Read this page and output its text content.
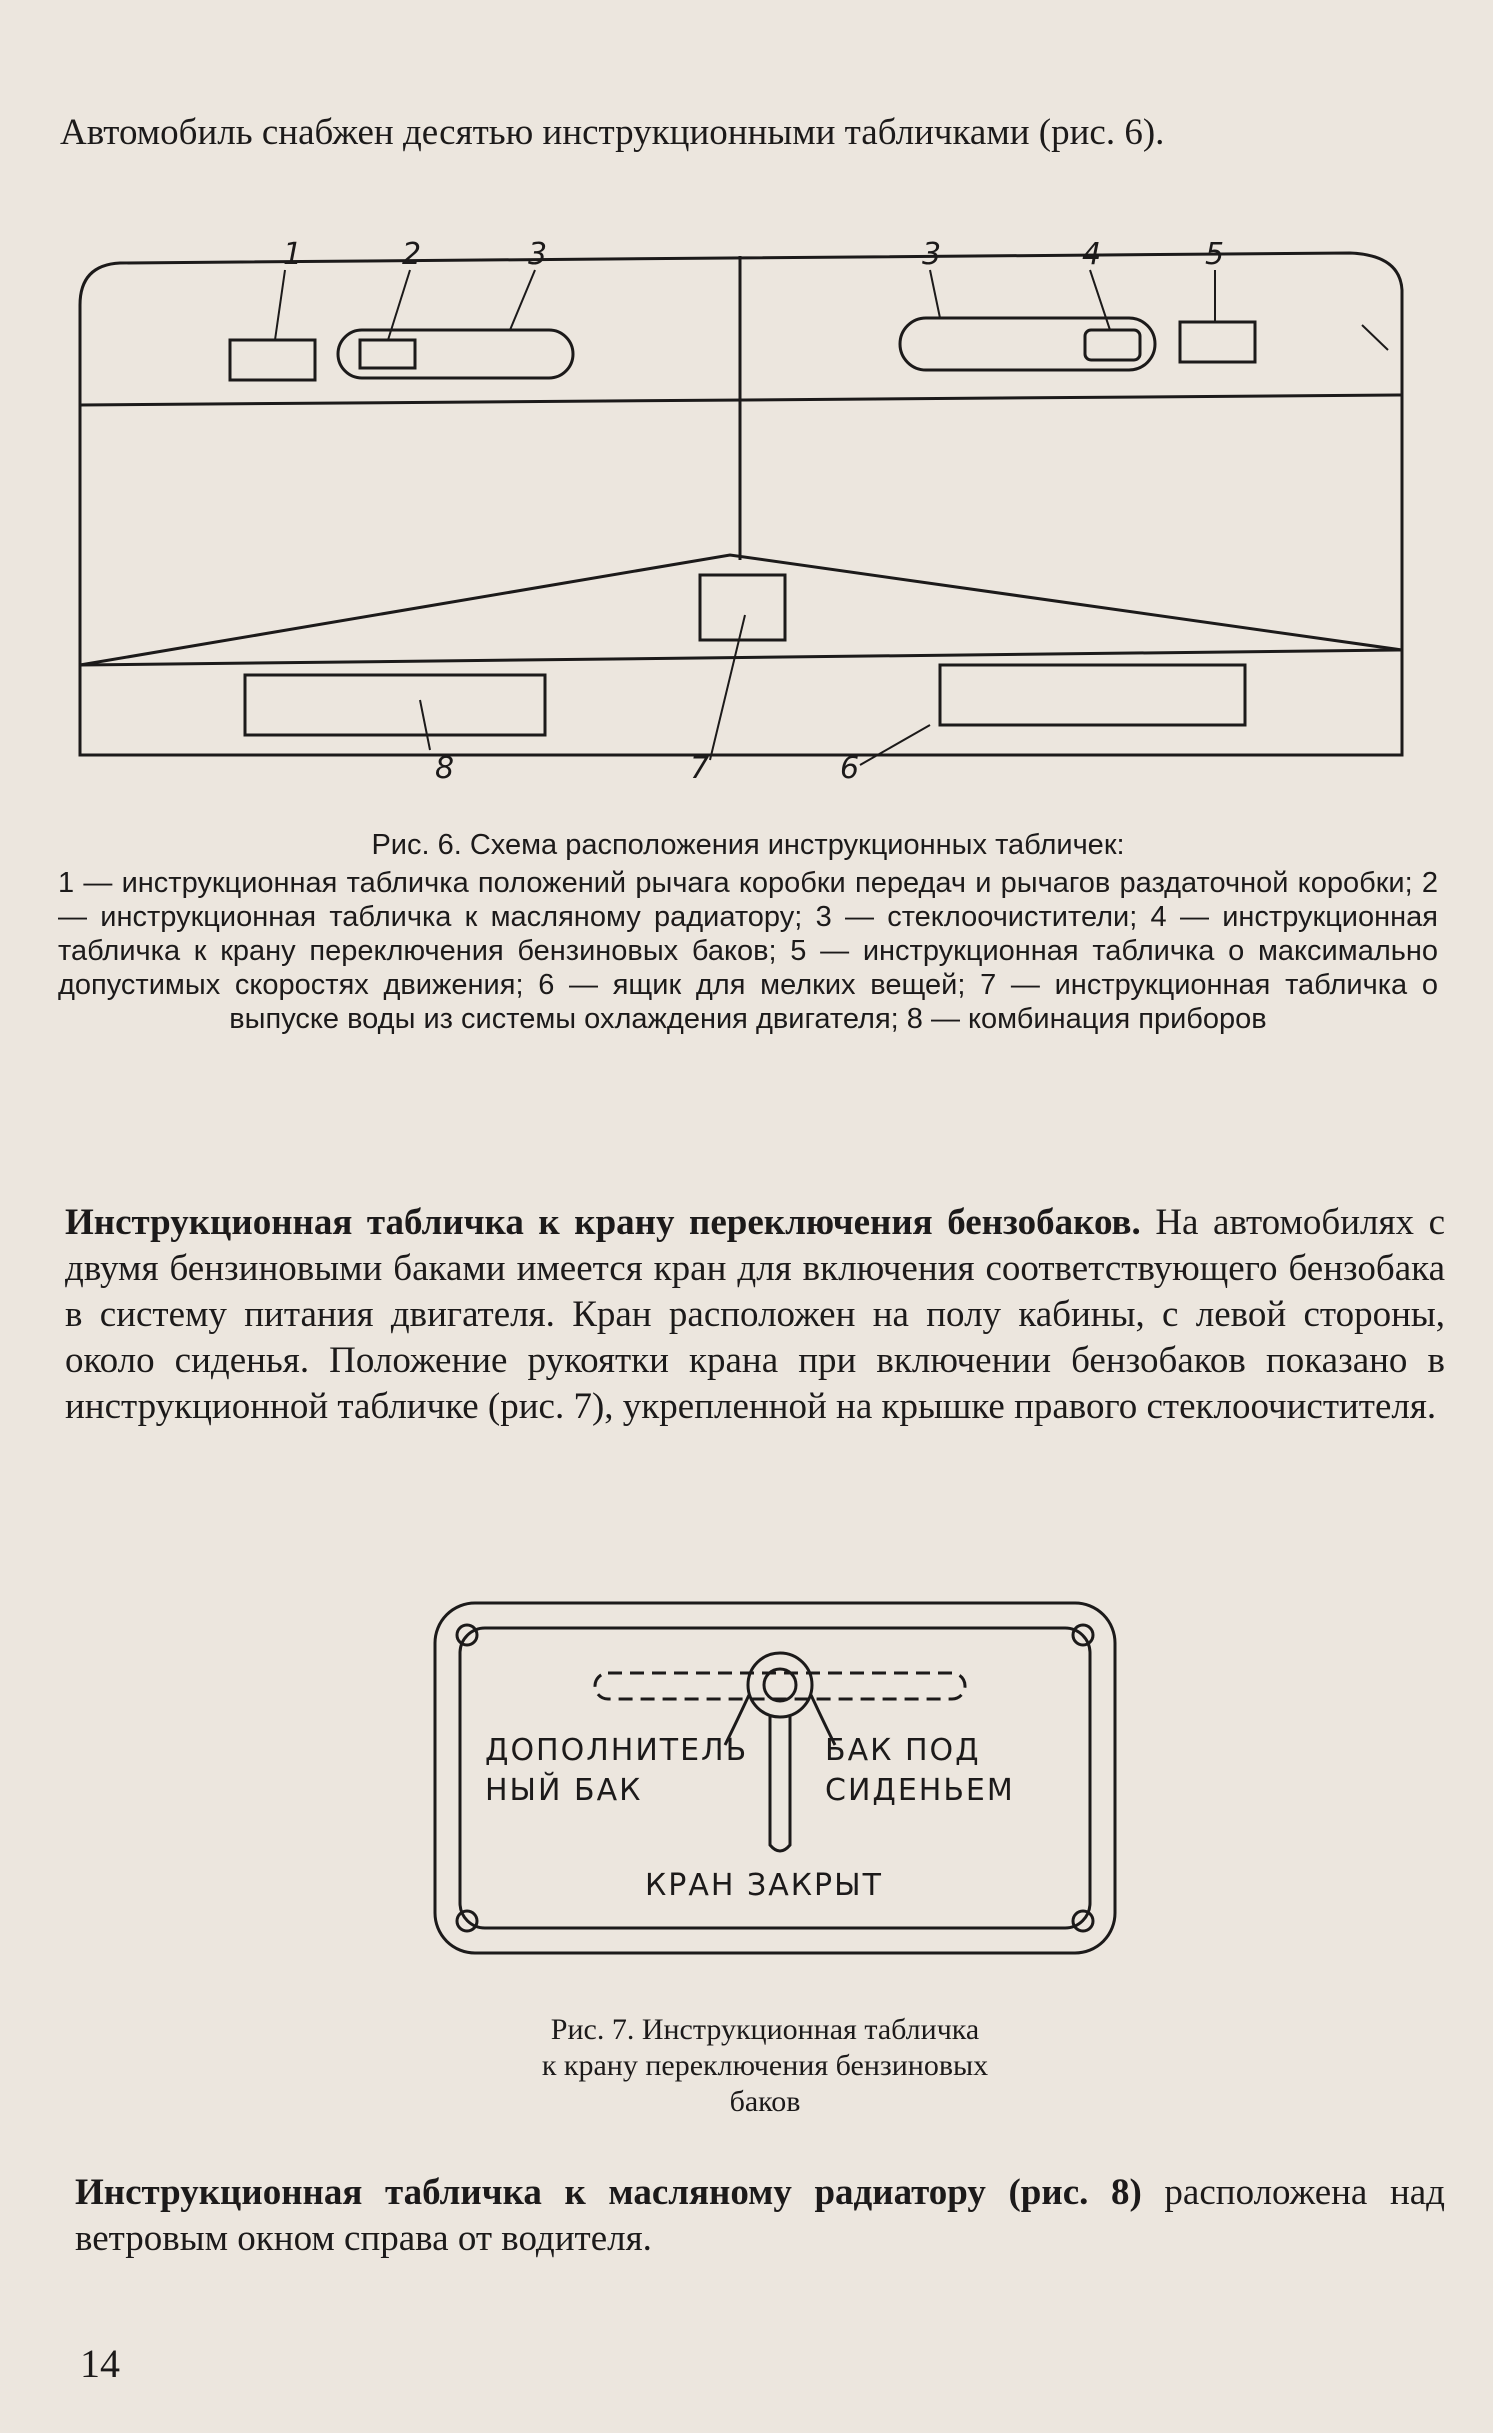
Автомобиль снабжен десятью инструкционными табличками (рис. 6).

1	2	3	3	4	5
8	7	6
Рис. 6. Схема расположения инструкционных табличек:
1 — инструкционная табличка положений рычага коробки передач и рычагов раздаточной коробки; 2 — инструкционная табличка к масляному радиатору; 3 — стеклоочистители; 4 — инструкционная табличка к крану переключения бензиновых баков; 5 — инструкционная табличка о максимально допустимых скоростях движения; 6 — ящик для мелких вещей; 7 — инструкционная табличка о выпуске воды из системы охлаждения двигателя; 8 — комбинация приборов

Инструкционная табличка к крану переключения бензобаков. На автомобилях с двумя бензиновыми баками имеется кран для включения соответствующего бензобака в систему питания двигателя. Кран расположен на полу кабины, с левой стороны, около сиденья. Положение рукоятки крана при включении бензобаков показано в инструкционной табличке (рис. 7), укрепленной на крышке правого стеклоочистителя.

ДОПОЛНИТЕЛЬ
НЫЙ БАК
БАК ПОД
СИДЕНЬЕМ
КРАН ЗАКРЫТ
Рис. 7. Инструкционная табличка
к крану переключения бензиновых
баков

Инструкционная табличка к масляному радиатору (рис. 8) расположена над ветровым окном справа от водителя.

14
